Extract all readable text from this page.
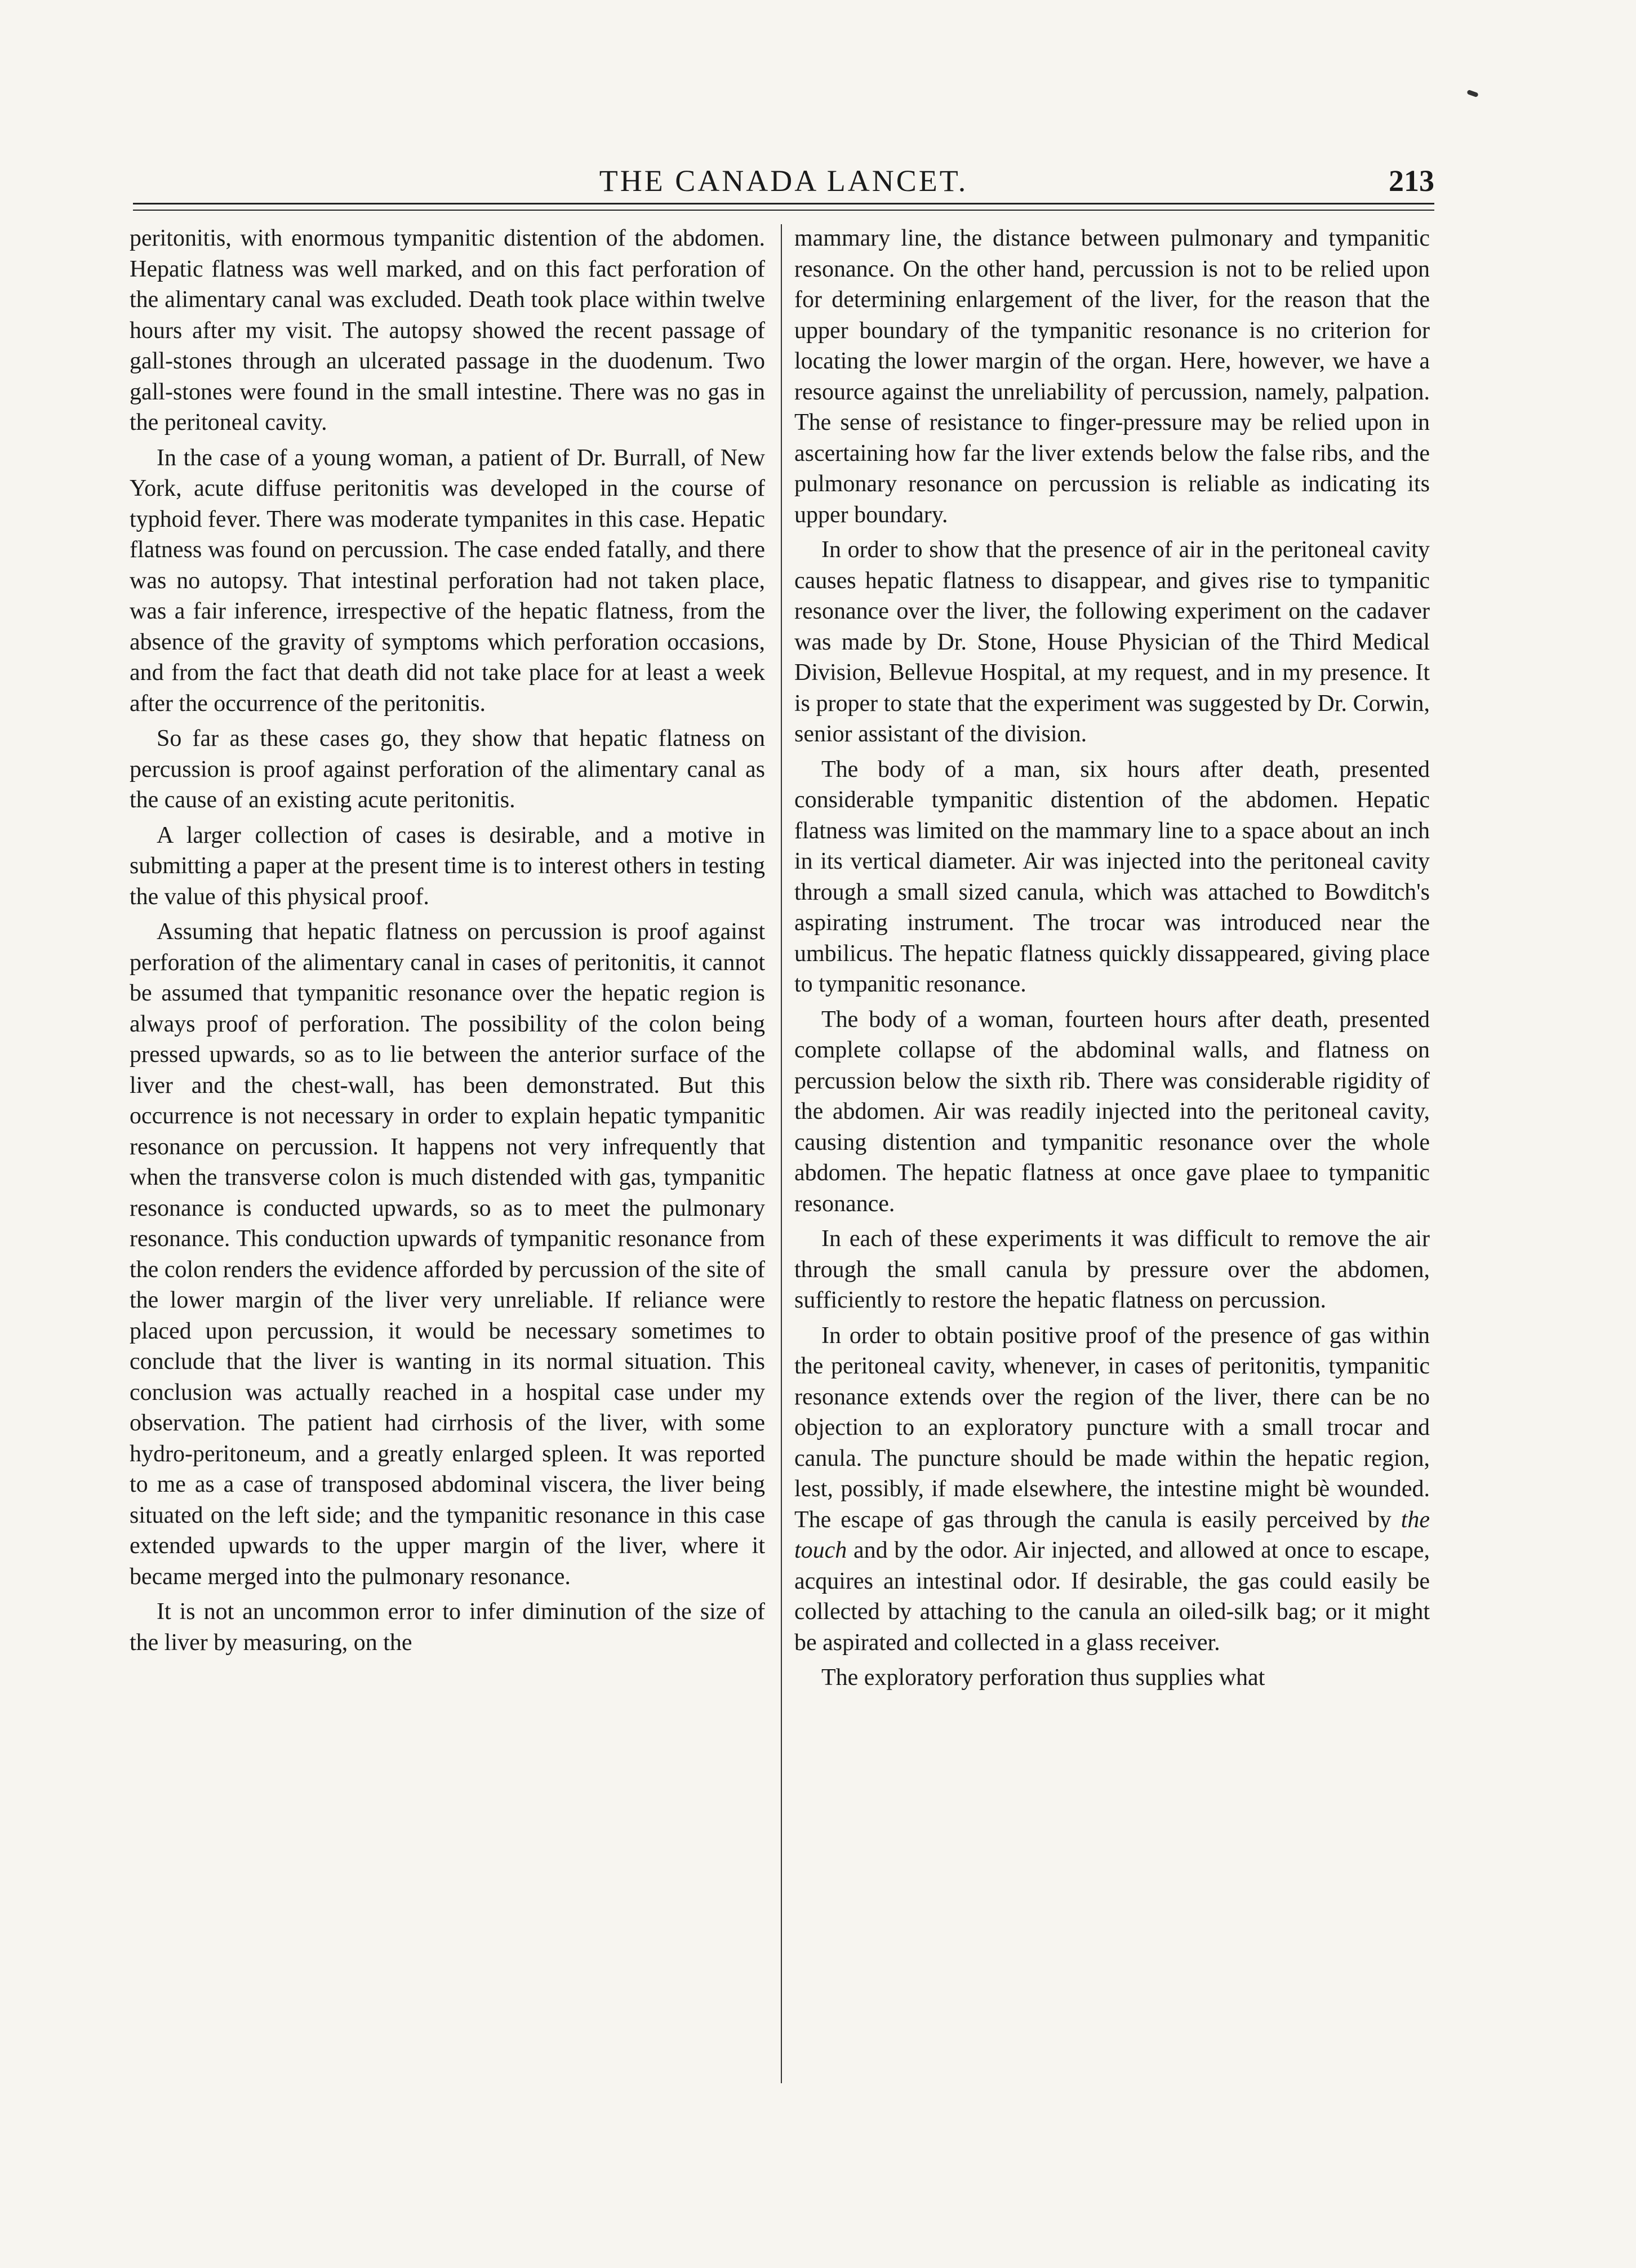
THE CANADA LANCET.	213

peritonitis, with enormous tympanitic distention of the abdomen. Hepatic flatness was well marked, and on this fact perforation of the alimentary canal was excluded. Death took place within twelve hours after my visit. The autopsy showed the recent passage of gall-stones through an ulcerated passage in the duodenum. Two gall-stones were found in the small intestine. There was no gas in the peritoneal cavity.

In the case of a young woman, a patient of Dr. Burrall, of New York, acute diffuse peritonitis was developed in the course of typhoid fever. There was moderate tympanites in this case. Hepatic flatness was found on percussion. The case ended fatally, and there was no autopsy. That intestinal perforation had not taken place, was a fair inference, irrespective of the hepatic flatness, from the absence of the gravity of symptoms which perforation occasions, and from the fact that death did not take place for at least a week after the occurrence of the peritonitis.

So far as these cases go, they show that hepatic flatness on percussion is proof against perforation of the alimentary canal as the cause of an existing acute peritonitis.

A larger collection of cases is desirable, and a motive in submitting a paper at the present time is to interest others in testing the value of this physical proof.

Assuming that hepatic flatness on percussion is proof against perforation of the alimentary canal in cases of peritonitis, it cannot be assumed that tympanitic resonance over the hepatic region is always proof of perforation. The possibility of the colon being pressed upwards, so as to lie between the anterior surface of the liver and the chest-wall, has been demonstrated. But this occurrence is not necessary in order to explain hepatic tympanitic resonance on percussion. It happens not very infrequently that when the transverse colon is much distended with gas, tympanitic resonance is conducted upwards, so as to meet the pulmonary resonance. This conduction upwards of tympanitic resonance from the colon renders the evidence afforded by percussion of the site of the lower margin of the liver very unreliable. If reliance were placed upon percussion, it would be necessary sometimes to conclude that the liver is wanting in its normal situation. This conclusion was actually reached in a hospital case under my observation. The patient had cirrhosis of the liver, with some hydro-peritoneum, and a greatly enlarged spleen. It was reported to me as a case of transposed abdominal viscera, the liver being situated on the left side; and the tympanitic resonance in this case extended upwards to the upper margin of the liver, where it became merged into the pulmonary resonance.

It is not an uncommon error to infer diminution of the size of the liver by measuring, on the

mammary line, the distance between pulmonary and tympanitic resonance. On the other hand, percussion is not to be relied upon for determining enlargement of the liver, for the reason that the upper boundary of the tympanitic resonance is no criterion for locating the lower margin of the organ. Here, however, we have a resource against the unreliability of percussion, namely, palpation. The sense of resistance to finger-pressure may be relied upon in ascertaining how far the liver extends below the false ribs, and the pulmonary resonance on percussion is reliable as indicating its upper boundary.

In order to show that the presence of air in the peritoneal cavity causes hepatic flatness to disappear, and gives rise to tympanitic resonance over the liver, the following experiment on the cadaver was made by Dr. Stone, House Physician of the Third Medical Division, Bellevue Hospital, at my request, and in my presence. It is proper to state that the experiment was suggested by Dr. Corwin, senior assistant of the division.

The body of a man, six hours after death, presented considerable tympanitic distention of the abdomen. Hepatic flatness was limited on the mammary line to a space about an inch in its vertical diameter. Air was injected into the peritoneal cavity through a small sized canula, which was attached to Bowditch's aspirating instrument. The trocar was introduced near the umbilicus. The hepatic flatness quickly dissappeared, giving place to tympanitic resonance.

The body of a woman, fourteen hours after death, presented complete collapse of the abdominal walls, and flatness on percussion below the sixth rib. There was considerable rigidity of the abdomen. Air was readily injected into the peritoneal cavity, causing distention and tympanitic resonance over the whole abdomen. The hepatic flatness at once gave plaee to tympanitic resonance.

In each of these experiments it was difficult to remove the air through the small canula by pressure over the abdomen, sufficiently to restore the hepatic flatness on percussion.

In order to obtain positive proof of the presence of gas within the peritoneal cavity, whenever, in cases of peritonitis, tympanitic resonance extends over the region of the liver, there can be no objection to an exploratory puncture with a small trocar and canula. The puncture should be made within the hepatic region, lest, possibly, if made elsewhere, the intestine might bè wounded. The escape of gas through the canula is easily perceived by the touch and by the odor. Air injected, and allowed at once to escape, acquires an intestinal odor. If desirable, the gas could easily be collected by attaching to the canula an oiled-silk bag; or it might be aspirated and collected in a glass receiver.

The exploratory perforation thus supplies what
